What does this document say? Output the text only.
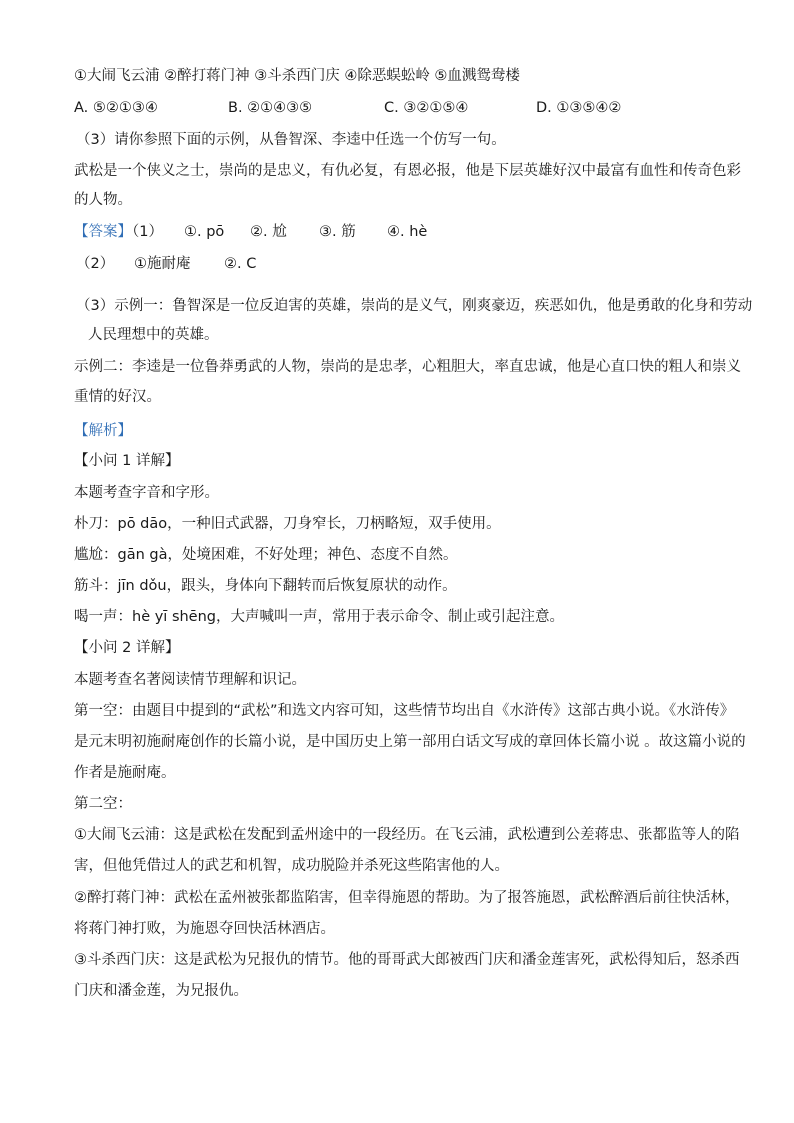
①大闹飞云浦 ②醉打蒋门神 ③斗杀西门庆 ④除恶蜈蚣岭 ⑤血溅鸳鸯楼
A. ⑤②①③④	B. ②①④③⑤	C. ③②①⑤④	D. ①③⑤④②
（3）请你参照下面的示例，从鲁智深、李逵中任选一个仿写一句。
武松是一个侠义之士，崇尚的是忠义，有仇必复，有恩必报，他是下层英雄好汉中最富有血性和传奇色彩
的人物。
【答案】（1） ①. pō ②. 尬 ③. 筋 ④. hè
（2） ①施耐庵 ②. C
（3）示例一：鲁智深是一位反迫害的英雄，崇尚的是义气，刚爽豪迈，疾恶如仇，他是勇敢的化身和劳动
人民理想中的英雄。
示例二：李逵是一位鲁莽勇武的人物，崇尚的是忠孝，心粗胆大，率直忠诚，他是心直口快的粗人和崇义
重情的好汉。
【解析】
【小问 1 详解】
本题考查字音和字形。
朴刀：pō dāo，一种旧式武器，刀身窄长，刀柄略短，双手使用。
尴尬：gān gà，处境困难，不好处理；神色、态度不自然。
筋斗：jīn dǒu，跟头，身体向下翻转而后恢复原状的动作。
喝一声：hè yī shēng，大声喊叫一声，常用于表示命令、制止或引起注意。
【小问 2 详解】
本题考查名著阅读情节理解和识记。
第一空：由题目中提到的“武松”和选文内容可知，这些情节均出自《水浒传》这部古典小说。《水浒传》
是元末明初施耐庵创作的长篇小说，是中国历史上第一部用白话文写成的章回体长篇小说 。故这篇小说的
作者是施耐庵。
第二空：
①大闹飞云浦：这是武松在发配到孟州途中的一段经历。在飞云浦，武松遭到公差蒋忠、张都监等人的陷
害，但他凭借过人的武艺和机智，成功脱险并杀死这些陷害他的人。
②醉打蒋门神：武松在孟州被张都监陷害，但幸得施恩的帮助。为了报答施恩，武松醉酒后前往快活林，
将蒋门神打败，为施恩夺回快活林酒店。
③斗杀西门庆：这是武松为兄报仇的情节。他的哥哥武大郎被西门庆和潘金莲害死，武松得知后，怒杀西
门庆和潘金莲，为兄报仇。
